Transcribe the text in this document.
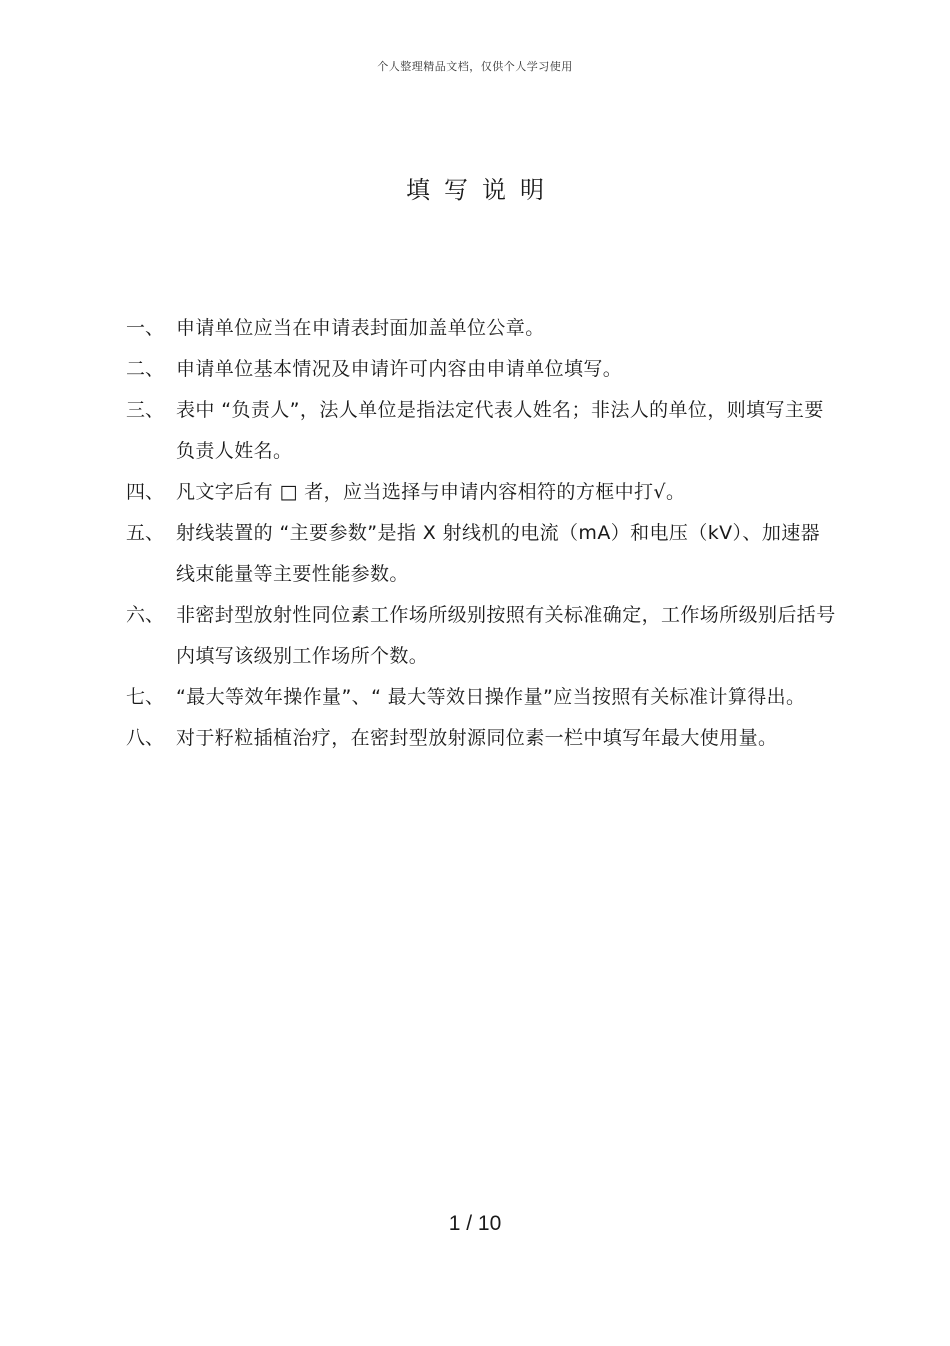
个人整理精品文档，仅供个人学习使用
填写说明
一、 申请单位应当在申请表封面加盖单位公章。
二、 申请单位基本情况及申请许可内容由申请单位填写。
三、 表中 “负责人”，法人单位是指法定代表人姓名；非法人的单位，则填写主要负责人姓名。
四、 凡文字后有 □ 者，应当选择与申请内容相符的方框中打√。
五、 射线装置的 “主要参数”是指 X 射线机的电流（mA）和电压（kV）、加速器线束能量等主要性能参数。
六、 非密封型放射性同位素工作场所级别按照有关标准确定，工作场所级别后括号内填写该级别工作场所个数。
七、 “最大等效年操作量”、“ 最大等效日操作量”应当按照有关标准计算得出。
八、 对于籽粒插植治疗，在密封型放射源同位素一栏中填写年最大使用量。
1 / 10
